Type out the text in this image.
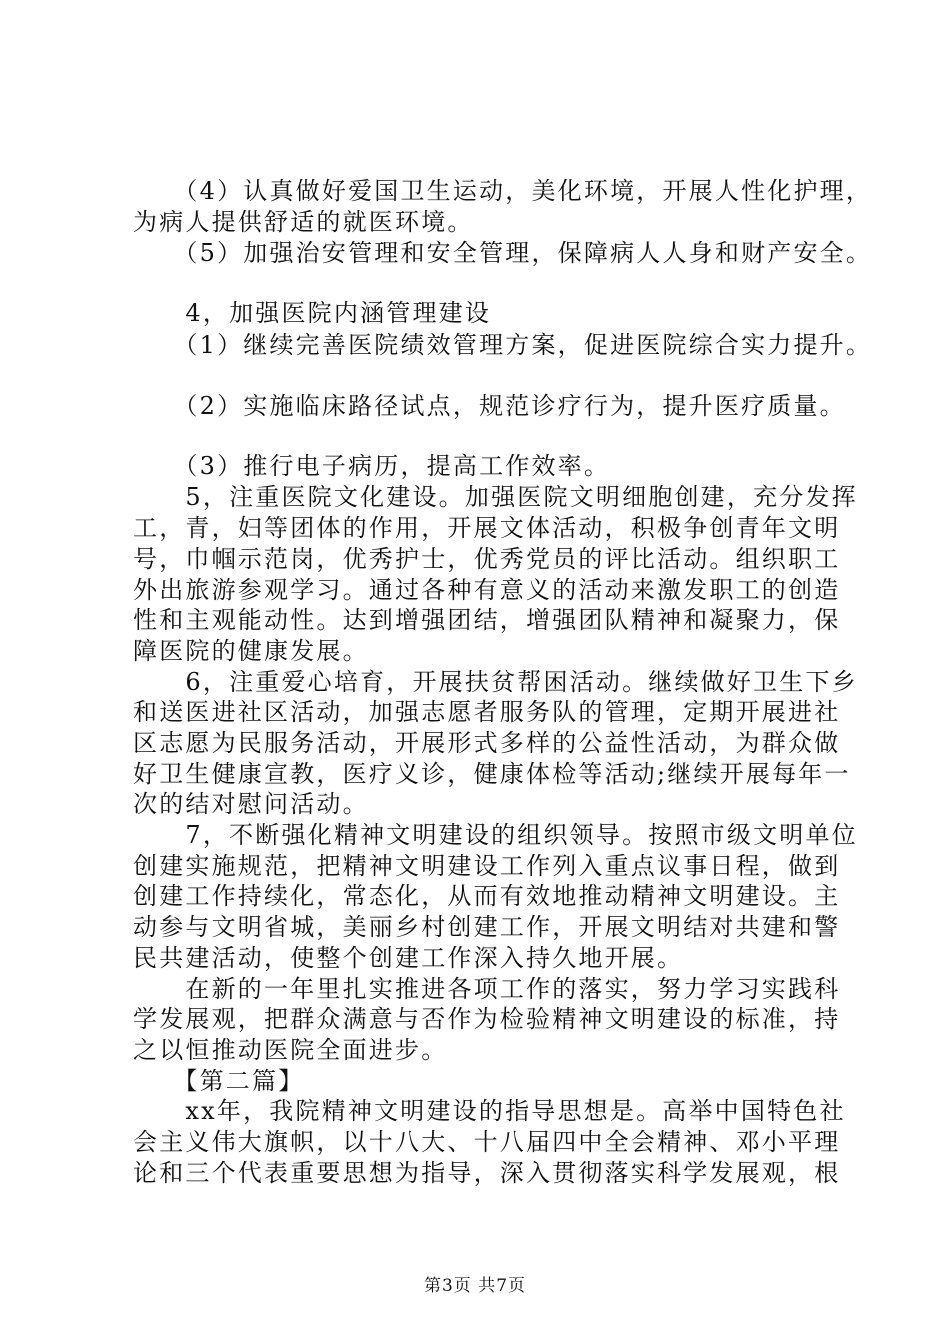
　　（4）认真做好爱国卫生运动，美化环境，开展人性化护理，
为病人提供舒适的就医环境。
　　（5）加强治安管理和安全管理，保障病人人身和财产安全。
　　4，加强医院内涵管理建设
　　（1）继续完善医院绩效管理方案，促进医院综合实力提升。
　　（2）实施临床路径试点，规范诊疗行为，提升医疗质量。
　　（3）推行电子病历，提高工作效率。
　　5，注重医院文化建设。加强医院文明细胞创建，充分发挥
工，青，妇等团体的作用，开展文体活动，积极争创青年文明
号，巾帼示范岗，优秀护士，优秀党员的评比活动。组织职工
外出旅游参观学习。通过各种有意义的活动来激发职工的创造
性和主观能动性。达到增强团结，增强团队精神和凝聚力，保
障医院的健康发展。
　　6，注重爱心培育，开展扶贫帮困活动。继续做好卫生下乡
和送医进社区活动，加强志愿者服务队的管理，定期开展进社
区志愿为民服务活动，开展形式多样的公益性活动，为群众做
好卫生健康宣教，医疗义诊，健康体检等活动;继续开展每年一
次的结对慰问活动。
　　7，不断强化精神文明建设的组织领导。按照市级文明单位
创建实施规范，把精神文明建设工作列入重点议事日程，做到
创建工作持续化，常态化，从而有效地推动精神文明建设。主
动参与文明省城，美丽乡村创建工作，开展文明结对共建和警
民共建活动，使整个创建工作深入持久地开展。
　　在新的一年里扎实推进各项工作的落实，努力学习实践科
学发展观，把群众满意与否作为检验精神文明建设的标准，持
之以恒推动医院全面进步。
　　【第二篇】
　　xx年，我院精神文明建设的指导思想是。高举中国特色社
会主义伟大旗帜，以十八大、十八届四中全会精神、邓小平理
论和三个代表重要思想为指导，深入贯彻落实科学发展观，根
第3页 共7页
